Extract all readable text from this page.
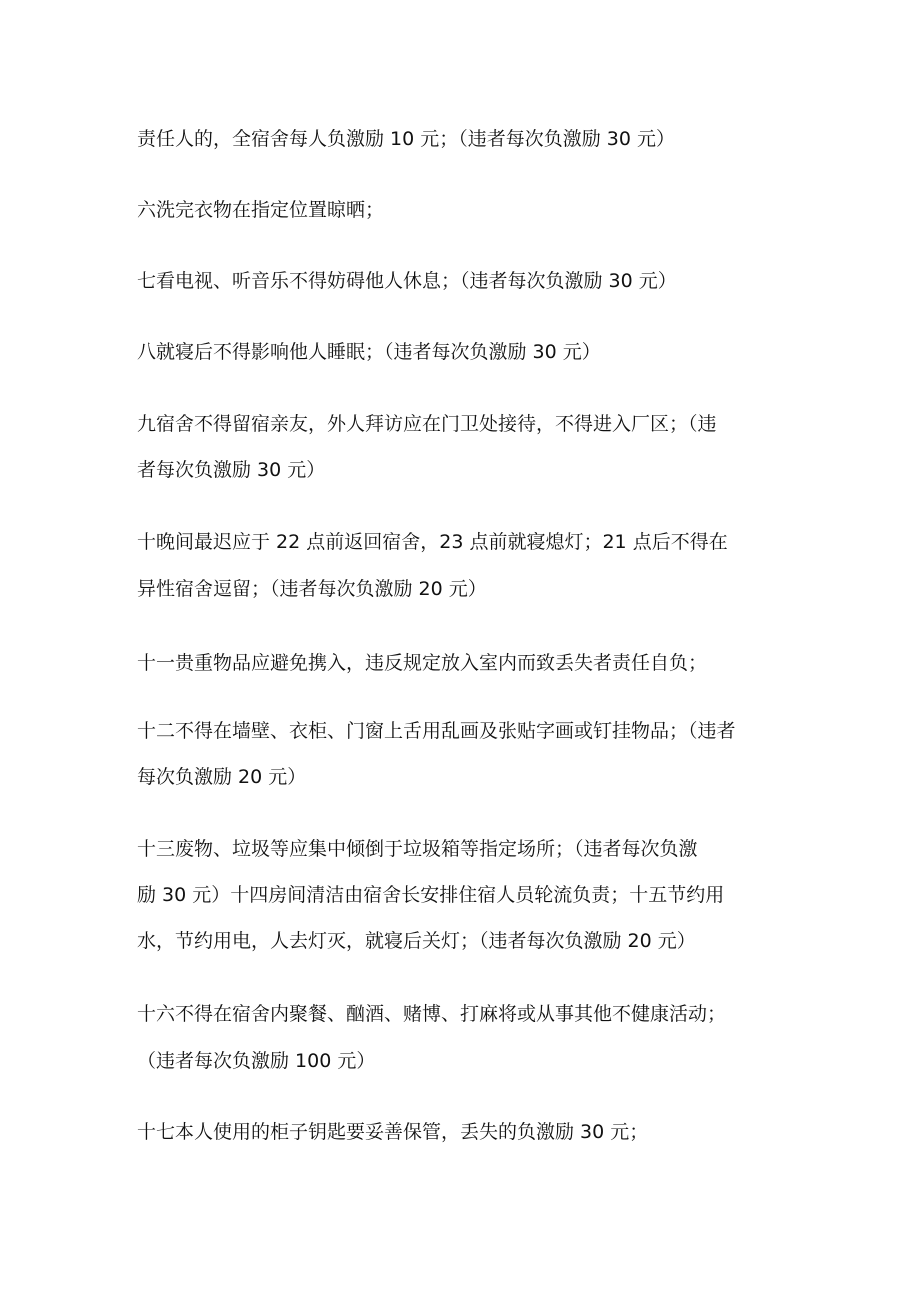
责任人的，全宿舍每人负激励 10 元；（违者每次负激励 30 元）
六洗完衣物在指定位置晾晒；
七看电视、听音乐不得妨碍他人休息；（违者每次负激励 30 元）
八就寝后不得影响他人睡眠；（违者每次负激励 30 元）
九宿舍不得留宿亲友，外人拜访应在门卫处接待，不得进入厂区；（违
者每次负激励 30 元）
十晚间最迟应于 22 点前返回宿舍，23 点前就寝熄灯；21 点后不得在
异性宿舍逗留；（违者每次负激励 20 元）
十一贵重物品应避免携入，违反规定放入室内而致丢失者责任自负；
十二不得在墙壁、衣柜、门窗上舌用乱画及张贴字画或钉挂物品；（违者
每次负激励 20 元）
十三废物、垃圾等应集中倾倒于垃圾箱等指定场所；（违者每次负激
励 30 元）十四房间清洁由宿舍长安排住宿人员轮流负责；十五节约用
水，节约用电，人去灯灭，就寝后关灯；（违者每次负激励 20 元）
十六不得在宿舍内聚餐、酗酒、赌博、打麻将或从事其他不健康活动；
（违者每次负激励 100 元）
十七本人使用的柜子钥匙要妥善保管，丢失的负激励 30 元；
